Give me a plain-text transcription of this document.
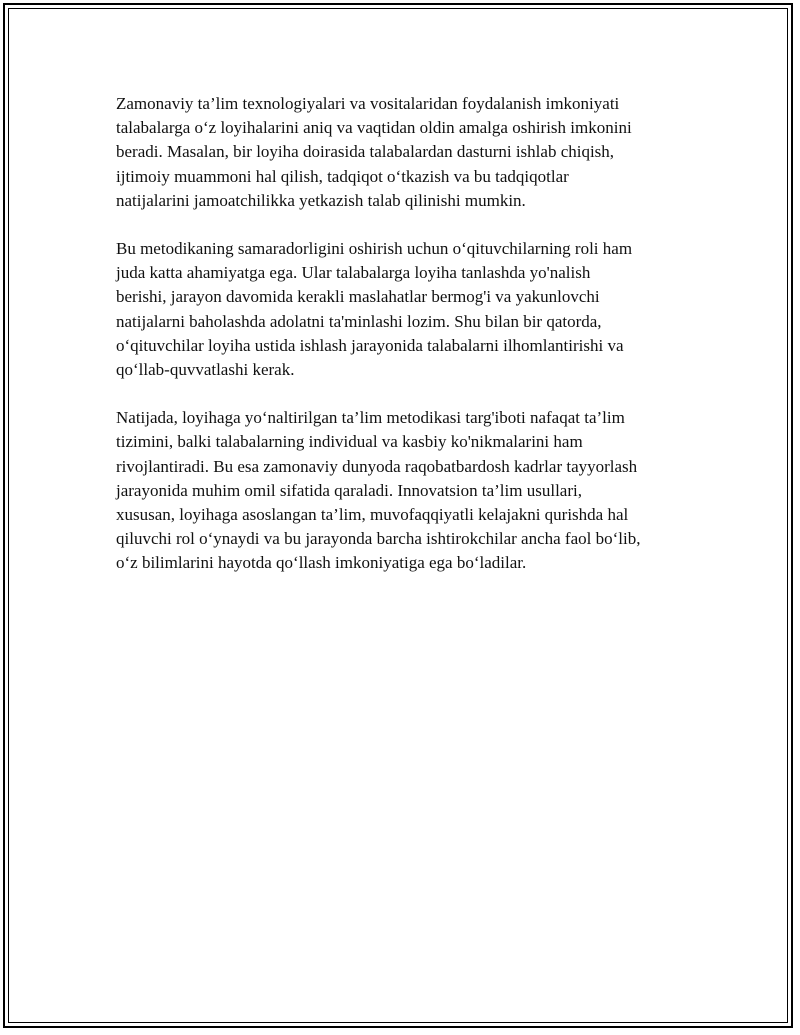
Zamonaviy ta’lim texnologiyalari va vositalaridan foydalanish imkoniyati
talabalarga o‘z loyihalarini aniq va vaqtidan oldin amalga oshirish imkonini
beradi. Masalan, bir loyiha doirasida talabalardan dasturni ishlab chiqish,
ijtimoiy muammoni hal qilish, tadqiqot o‘tkazish va bu tadqiqotlar
natijalarini jamoatchilikka yetkazish talab qilinishi mumkin.

Bu metodikaning samaradorligini oshirish uchun o‘qituvchilarning roli ham
juda katta ahamiyatga ega. Ular talabalarga loyiha tanlashda yo'nalish
berishi, jarayon davomida kerakli maslahatlar bermog'i va yakunlovchi
natijalarni baholashda adolatni ta'minlashi lozim. Shu bilan bir qatorda,
o‘qituvchilar loyiha ustida ishlash jarayonida talabalarni ilhomlantirishi va
qo‘llab-quvvatlashi kerak.

Natijada, loyihaga yo‘naltirilgan ta’lim metodikasi targ'iboti nafaqat ta’lim
tizimini, balki talabalarning individual va kasbiy ko'nikmalarini ham
rivojlantiradi. Bu esa zamonaviy dunyoda raqobatbardosh kadrlar tayyorlash
jarayonida muhim omil sifatida qaraladi. Innovatsion ta’lim usullari,
xususan, loyihaga asoslangan ta’lim, muvofaqqiyatli kelajakni qurishda hal
qiluvchi rol o‘ynaydi va bu jarayonda barcha ishtirokchilar ancha faol bo‘lib,
o‘z bilimlarini hayotda qo‘llash imkoniyatiga ega bo‘ladilar.
